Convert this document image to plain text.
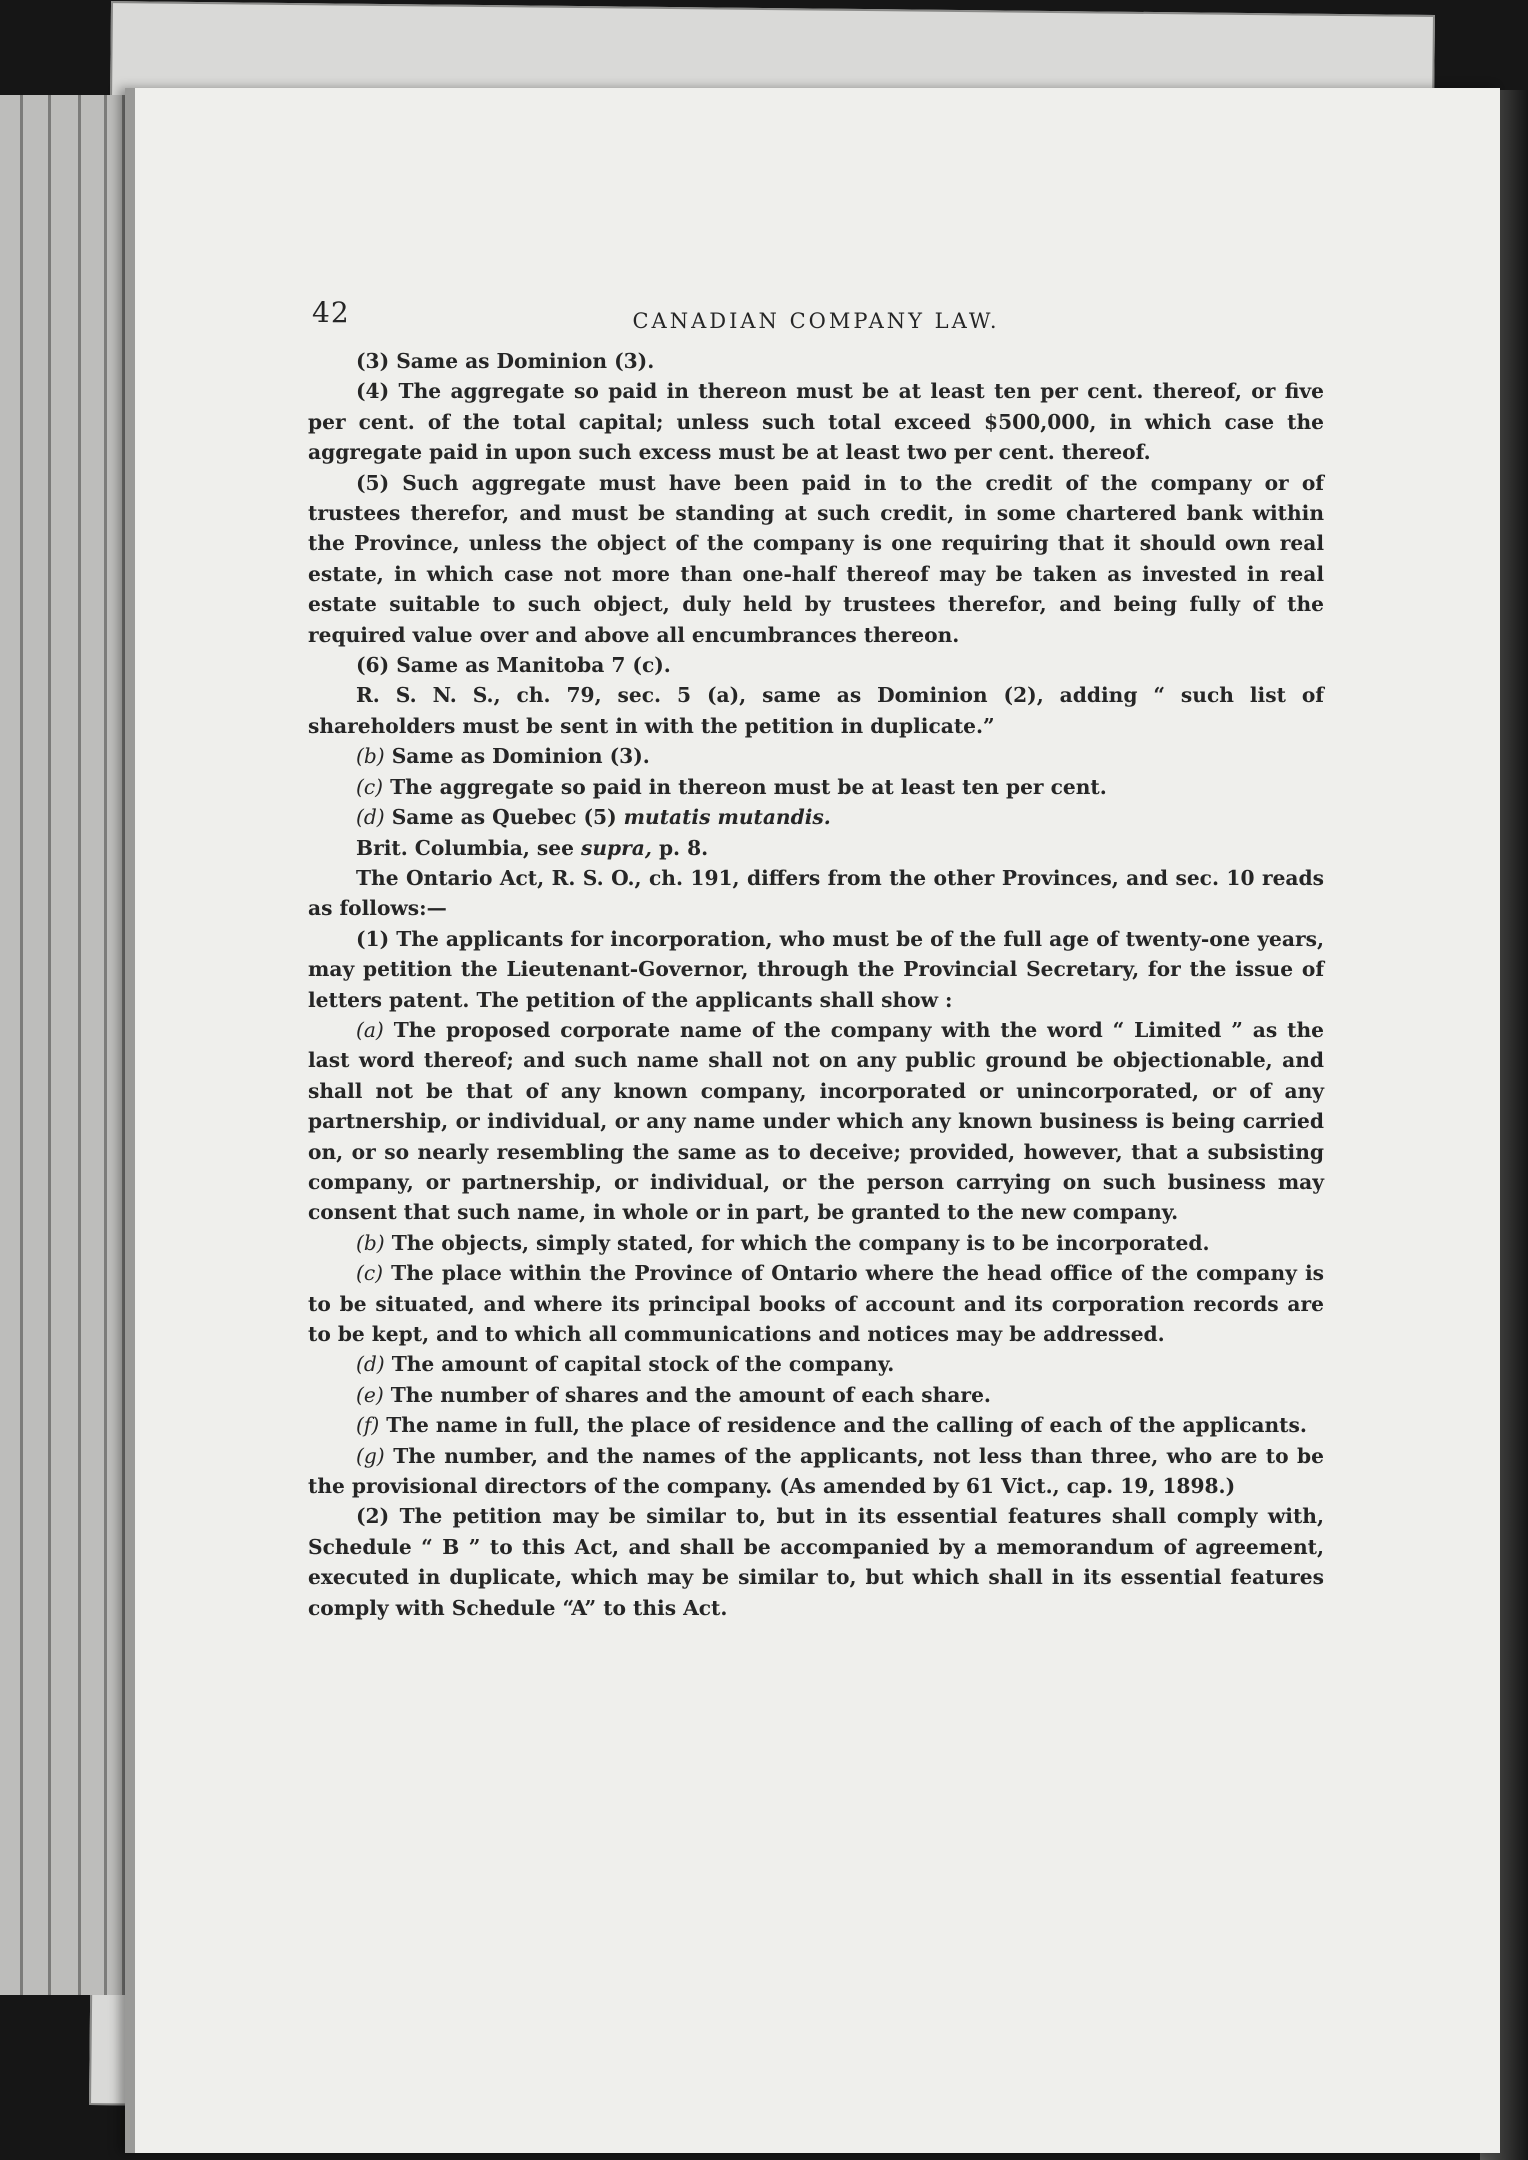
42	CANADIAN COMPANY LAW.

(3) Same as Dominion (3).

(4) The aggregate so paid in thereon must be at least ten per cent. thereof, or five per cent. of the total capital; unless such total exceed $500,000, in which case the aggregate paid in upon such excess must be at least two per cent. thereof.

(5) Such aggregate must have been paid in to the credit of the company or of trustees therefor, and must be standing at such credit, in some chartered bank within the Province, unless the object of the company is one requiring that it should own real estate, in which case not more than one-half thereof may be taken as invested in real estate suitable to such object, duly held by trustees therefor, and being fully of the required value over and above all encumbrances thereon.

(6) Same as Manitoba 7 (c).

R. S. N. S., ch. 79, sec. 5 (a), same as Dominion (2), adding “ such list of shareholders must be sent in with the petition in duplicate.”

(b) Same as Dominion (3).

(c) The aggregate so paid in thereon must be at least ten per cent.

(d) Same as Quebec (5) mutatis mutandis.

Brit. Columbia, see supra, p. 8.

The Ontario Act, R. S. O., ch. 191, differs from the other Provinces, and sec. 10 reads as follows:—

(1) The applicants for incorporation, who must be of the full age of twenty-one years, may petition the Lieutenant-Governor, through the Provincial Secretary, for the issue of letters patent. The petition of the applicants shall show :

(a) The proposed corporate name of the company with the word “ Limited ” as the last word thereof; and such name shall not on any public ground be objectionable, and shall not be that of any known company, incorporated or unincorporated, or of any partnership, or individual, or any name under which any known business is being carried on, or so nearly resembling the same as to deceive; provided, however, that a subsisting company, or partnership, or individual, or the person carrying on such business may consent that such name, in whole or in part, be granted to the new company.

(b) The objects, simply stated, for which the company is to be incorporated.

(c) The place within the Province of Ontario where the head office of the company is to be situated, and where its principal books of account and its corporation records are to be kept, and to which all communications and notices may be addressed.

(d) The amount of capital stock of the company.

(e) The number of shares and the amount of each share.

(f) The name in full, the place of residence and the calling of each of the applicants.

(g) The number, and the names of the applicants, not less than three, who are to be the provisional directors of the company. (As amended by 61 Vict., cap. 19, 1898.)

(2) The petition may be similar to, but in its essential features shall comply with, Schedule “ B ” to this Act, and shall be accompanied by a memorandum of agreement, executed in duplicate, which may be similar to, but which shall in its essential features comply with Schedule “A” to this Act.
